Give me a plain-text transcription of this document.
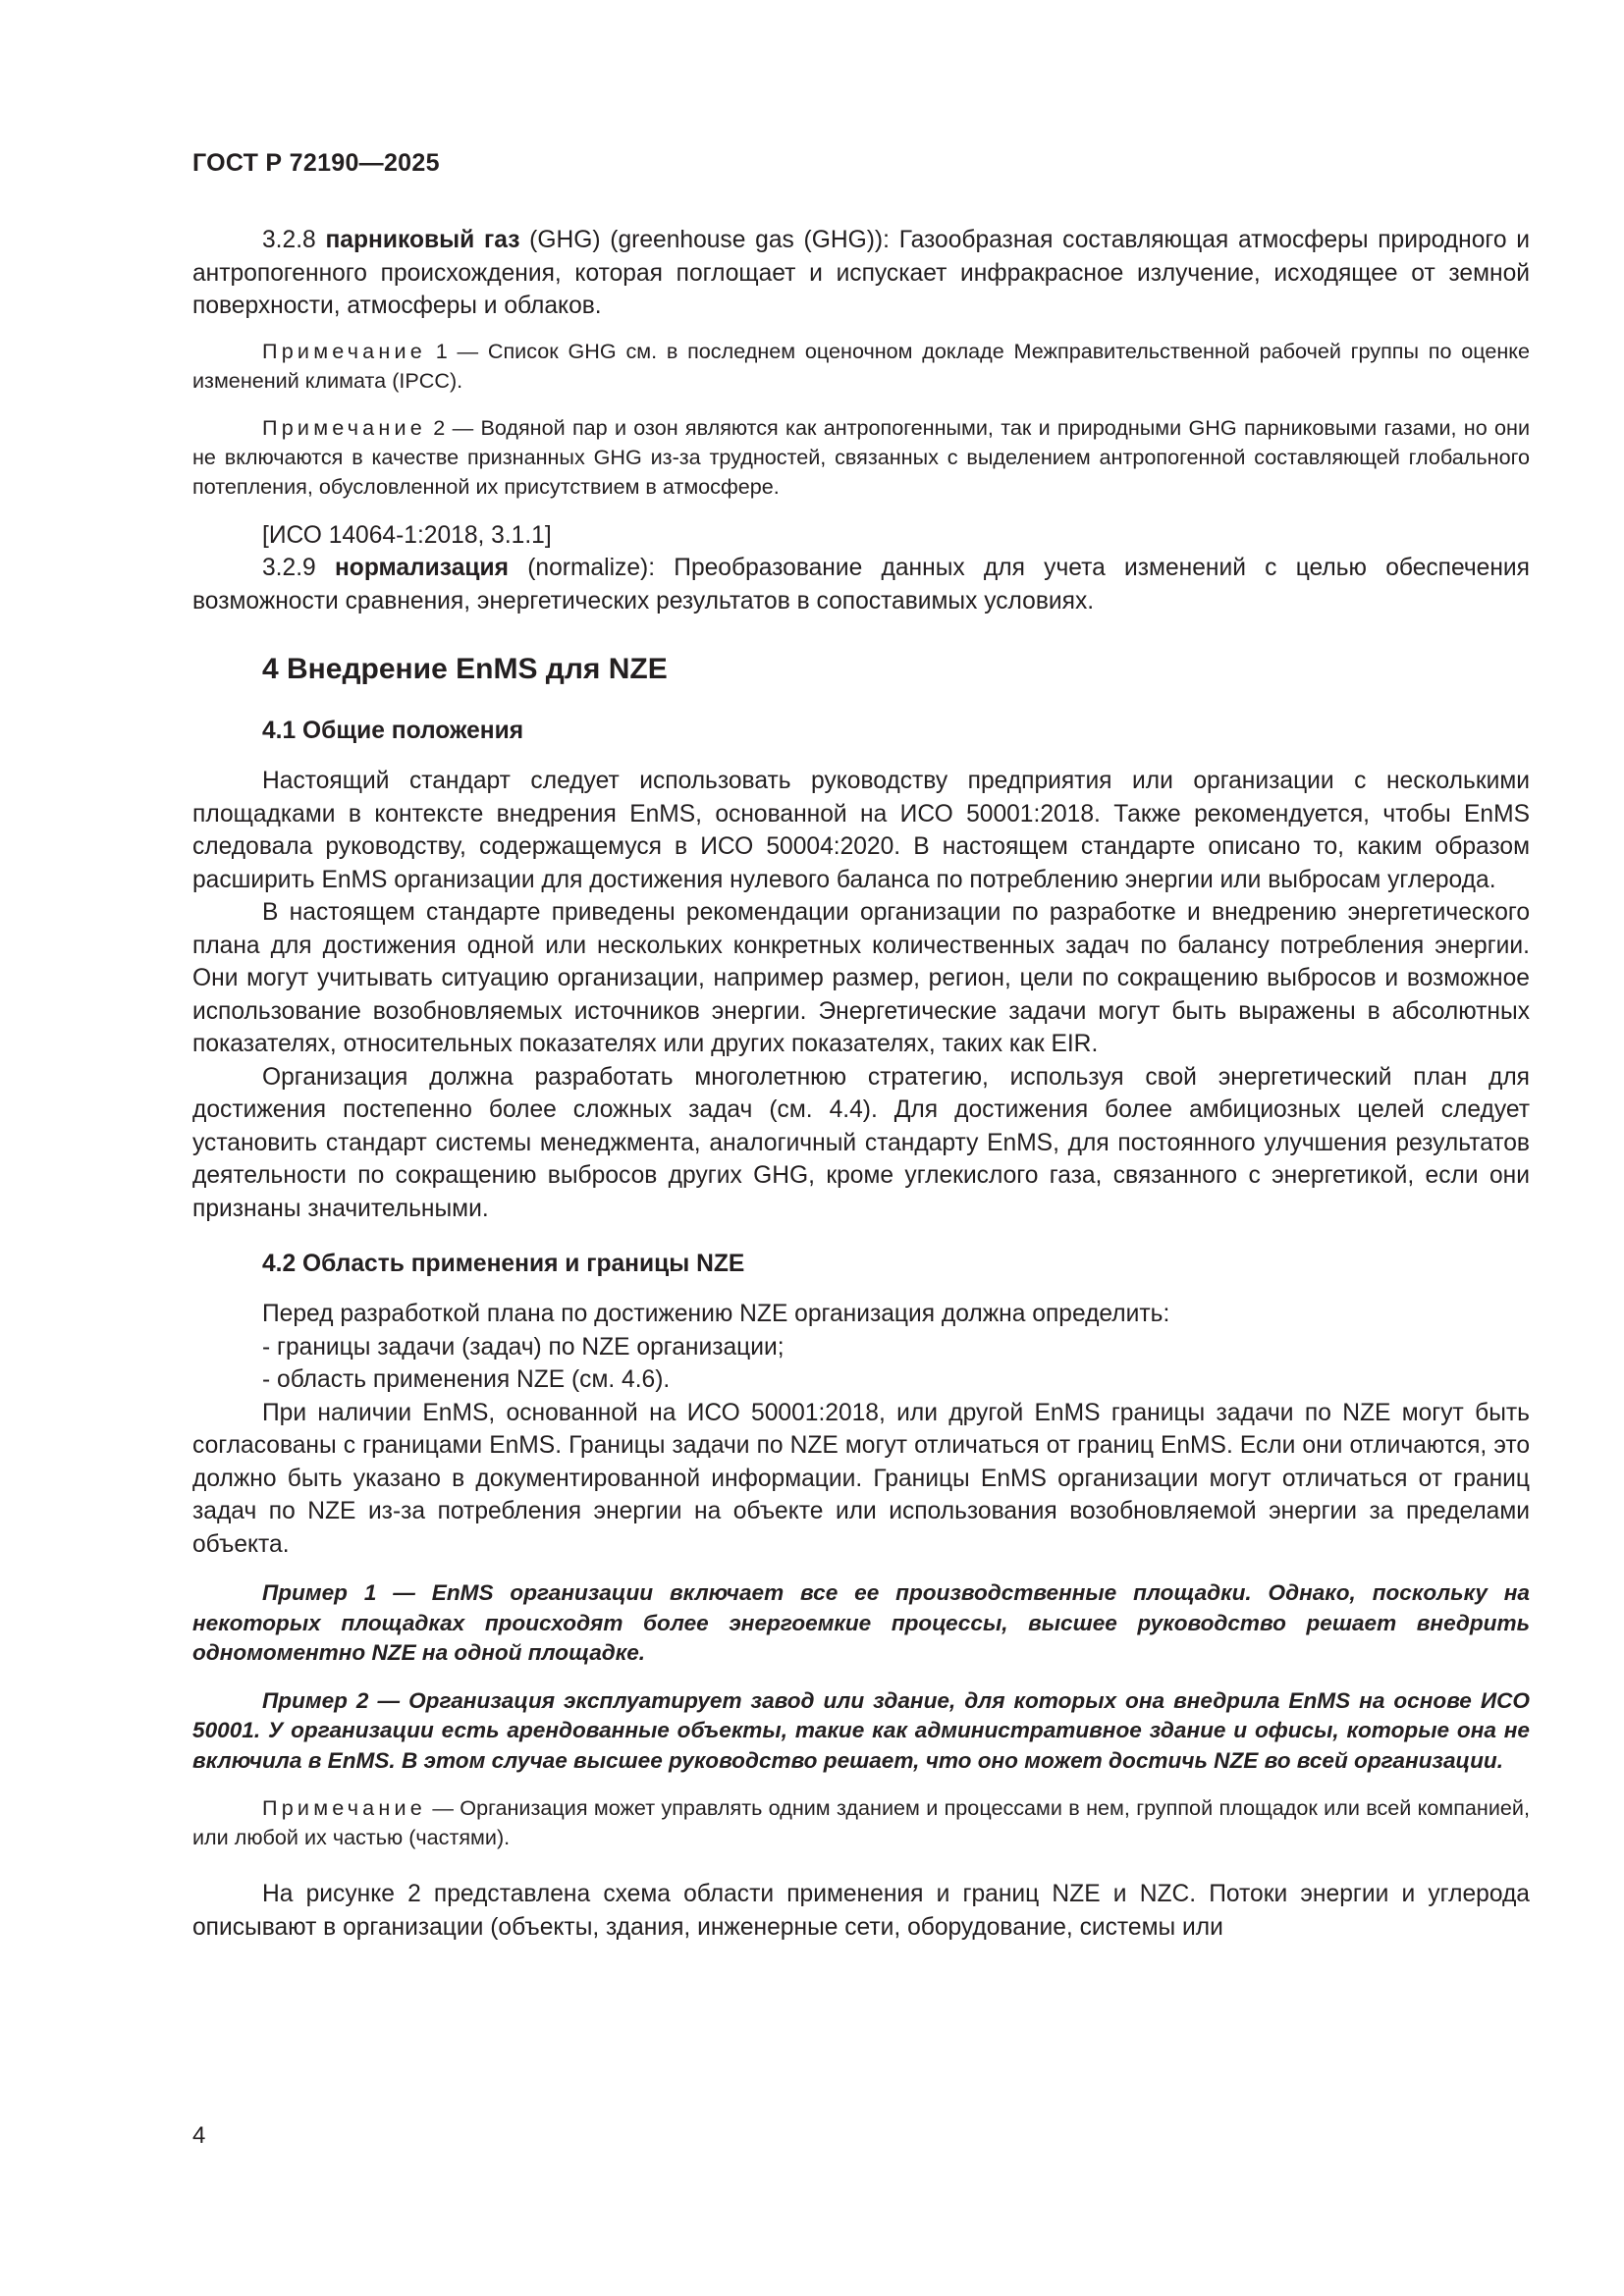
ГОСТ Р 72190—2025

3.2.8 парниковый газ (GHG) (greenhouse gas (GHG)): Газообразная составляющая атмосферы природного и антропогенного происхождения, которая поглощает и испускает инфракрасное излучение, исходящее от земной поверхности, атмосферы и облаков.

Примечание 1 — Список GHG см. в последнем оценочном докладе Межправительственной рабочей группы по оценке изменений климата (IPCC).

Примечание 2 — Водяной пар и озон являются как антропогенными, так и природными GHG парниковыми газами, но они не включаются в качестве признанных GHG из-за трудностей, связанных с выделением антропогенной составляющей глобального потепления, обусловленной их присутствием в атмосфере.

[ИСО 14064-1:2018, 3.1.1]

3.2.9 нормализация (normalize): Преобразование данных для учета изменений с целью обеспечения возможности сравнения, энергетических результатов в сопоставимых условиях.

4 Внедрение EnMS для NZE
4.1 Общие положения

Настоящий стандарт следует использовать руководству предприятия или организации с несколькими площадками в контексте внедрения EnMS, основанной на ИСО 50001:2018. Также рекомендуется, чтобы EnMS следовала руководству, содержащемуся в ИСО 50004:2020. В настоящем стандарте описано то, каким образом расширить EnMS организации для достижения нулевого баланса по потреблению энергии или выбросам углерода.

В настоящем стандарте приведены рекомендации организации по разработке и внедрению энергетического плана для достижения одной или нескольких конкретных количественных задач по балансу потребления энергии. Они могут учитывать ситуацию организации, например размер, регион, цели по сокращению выбросов и возможное использование возобновляемых источников энергии. Энергетические задачи могут быть выражены в абсолютных показателях, относительных показателях или других показателях, таких как EIR.

Организация должна разработать многолетнюю стратегию, используя свой энергетический план для достижения постепенно более сложных задач (см. 4.4). Для достижения более амбициозных целей следует установить стандарт системы менеджмента, аналогичный стандарту EnMS, для постоянного улучшения результатов деятельности по сокращению выбросов других GHG, кроме углекислого газа, связанного с энергетикой, если они признаны значительными.

4.2 Область применения и границы NZE

Перед разработкой плана по достижению NZE организация должна определить:

- границы задачи (задач) по NZE организации;

- область применения NZE (см. 4.6).

При наличии EnMS, основанной на ИСО 50001:2018, или другой EnMS границы задачи по NZE могут быть согласованы с границами EnMS. Границы задачи по NZE могут отличаться от границ EnMS. Если они отличаются, это должно быть указано в документированной информации. Границы EnMS организации могут отличаться от границ задач по NZE из-за потребления энергии на объекте или использования возобновляемой энергии за пределами объекта.

Пример 1 — EnMS организации включает все ее производственные площадки. Однако, поскольку на некоторых площадках происходят более энергоемкие процессы, высшее руководство решает внедрить одномоментно NZE на одной площадке.

Пример 2 — Организация эксплуатирует завод или здание, для которых она внедрила EnMS на основе ИСО 50001. У организации есть арендованные объекты, такие как административное здание и офисы, которые она не включила в EnMS. В этом случае высшее руководство решает, что оно может достичь NZE во всей организации.

Примечание — Организация может управлять одним зданием и процессами в нем, группой площадок или всей компанией, или любой их частью (частями).

На рисунке 2 представлена схема области применения и границ NZE и NZC. Потоки энергии и углерода описывают в организации (объекты, здания, инженерные сети, оборудование, системы или

4
